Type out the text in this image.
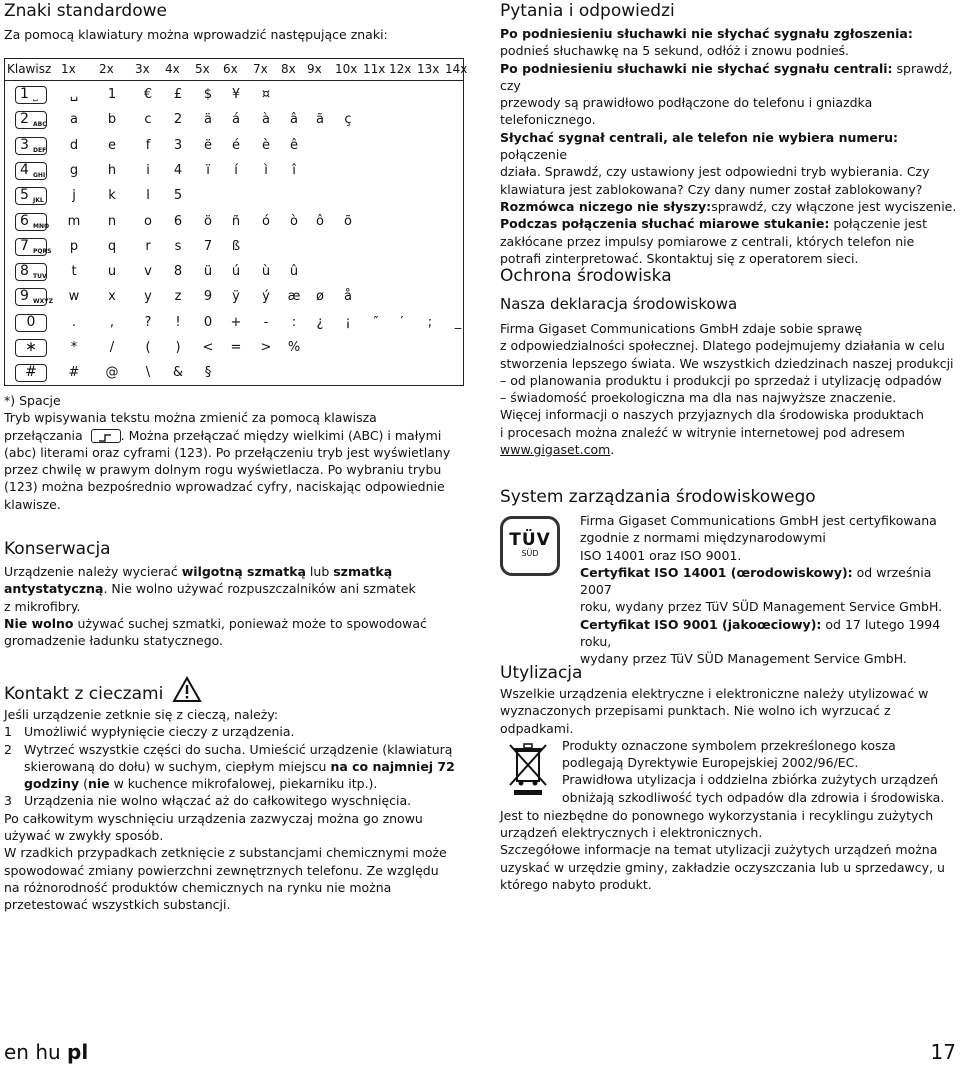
Znaki standardowe

Za pomocą klawiatury można wprowadzić następujące znaki:

Klawisz 1x 2x 3x 4x 5x 6x 7x 8x 9x 10x 11x 12x 13x 14x
1 ⌴	␣	1	€	£	$	¥	¤
2 ABC	a	b	c	2	ä	á	à	â	ã	ç
3 DEF	d	e	f	3	ë	é	è	ê
4 GHI	g	h	i	4	ï	í	ì	î
5 JKL	j	k	l	5
6 MNO	m	n	o	6	ö	ñ	ó	ò	ô	õ
7 PQRS	p	q	r	s	7	ß
8 TUV	t	u	v	8	ü	ú	ù	û
9 WXYZ	w	x	y	z	9	ÿ	ý	æ	ø	å
0	.	,	?	!	0	+	-	:	¿	¡	″	′	;	_
∗	*	/	(	)	<	=	>	%
#	#	@	\	&	§

*) Spacje

Tryb wpisywania tekstu można zmienić za pomocą klawisza

przełączania	. Można przełączać między wielkimi (ABC) i małymi

(abc) literami oraz cyframi (123). Po przełączeniu tryb jest wyświetlany

przez chwilę w prawym dolnym rogu wyświetlacza. Po wybraniu trybu

(123) można bezpośrednio wprowadzać cyfry, naciskając odpowiednie

klawisze.

Konserwacja

Urządzenie należy wycierać wilgotną szmatką lub szmatką

antystatyczną. Nie wolno używać rozpuszczalników ani szmatek

z mikrofibry.

Nie wolno używać suchej szmatki, ponieważ może to spowodować

gromadzenie ładunku statycznego.

Kontakt z cieczami

Jeśli urządzenie zetknie się z cieczą, należy:

1 Umożliwić wypłynięcie cieczy z urządzenia.

2 Wytrzeć wszystkie części do sucha. Umieścić urządzenie (klawiaturą

skierowaną do dołu) w suchym, ciepłym miejscu na co najmniej 72

godziny (nie w kuchence mikrofalowej, piekarniku itp.).

3 Urządzenia nie wolno włączać aż do całkowitego wyschnięcia.

Po całkowitym wyschnięciu urządzenia zazwyczaj można go znowu

używać w zwykły sposób.

W rzadkich przypadkach zetknięcie z substancjami chemicznymi może

spowodować zmiany powierzchni zewnętrznych telefonu. Ze względu

na różnorodność produktów chemicznych na rynku nie można

przetestować wszystkich substancji.

Pytania i odpowiedzi

Po podniesieniu słuchawki nie słychać sygnału zgłoszenia:

podnieś słuchawkę na 5 sekund, odłóż i znowu podnieś.

Po podniesieniu słuchawki nie słychać sygnału centrali: sprawdź, czy

przewody są prawidłowo podłączone do telefonu i gniazdka

telefonicznego.

Słychać sygnał centrali, ale telefon nie wybiera numeru: połączenie

działa. Sprawdź, czy ustawiony jest odpowiedni tryb wybierania. Czy

klawiatura jest zablokowana? Czy dany numer został zablokowany?

Rozmówca niczego nie słyszy:sprawdź, czy włączone jest wyciszenie.

Podczas połączenia słuchać miarowe stukanie: połączenie jest

zakłócane przez impulsy pomiarowe z centrali, których telefon nie

potrafi zinterpretować. Skontaktuj się z operatorem sieci.

Ochrona środowiska
Nasza deklaracja środowiskowa

Firma Gigaset Communications GmbH zdaje sobie sprawę

z odpowiedzialności społecznej. Dlatego podejmujemy działania w celu

stworzenia lepszego świata. We wszystkich dziedzinach naszej produkcji

– od planowania produktu i produkcji po sprzedaż i utylizację odpadów

– świadomość proekologiczna ma dla nas najwyższe znaczenie.

Więcej informacji o naszych przyjaznych dla środowiska produktach

i procesach można znaleźć w witrynie internetowej pod adresem

www.gigaset.com.

System zarządzania środowiskowego
TÜV
SÜD

Firma Gigaset Communications GmbH jest certyfikowana

zgodnie z normami międzynarodowymi

ISO 14001 oraz ISO 9001.

Certyfikat ISO 14001 (œrodowiskowy): od września 2007

roku, wydany przez TüV SÜD Management Service GmbH.

Certyfikat ISO 9001 (jakoœciowy): od 17 lutego 1994 roku,

wydany przez TüV SÜD Management Service GmbH.

Utylizacja

Wszelkie urządzenia elektryczne i elektroniczne należy utylizować w

wyznaczonych przepisami punktach. Nie wolno ich wyrzucać z

odpadkami.

Produkty oznaczone symbolem przekreślonego kosza

podlegają Dyrektywie Europejskiej 2002/96/EC.

Prawidłowa utylizacja i oddzielna zbiórka zużytych urządzeń

obniżają szkodliwość tych odpadów dla zdrowia i środowiska.

Jest to niezbędne do ponownego wykorzystania i recyklingu zużytych

urządzeń elektrycznych i elektronicznych.

Szczegółowe informacje na temat utylizacji zużytych urządzeń można

uzyskać w urzędzie gminy, zakładzie oczyszczania lub u sprzedawcy, u

którego nabyto produkt.

en hu pl	17
